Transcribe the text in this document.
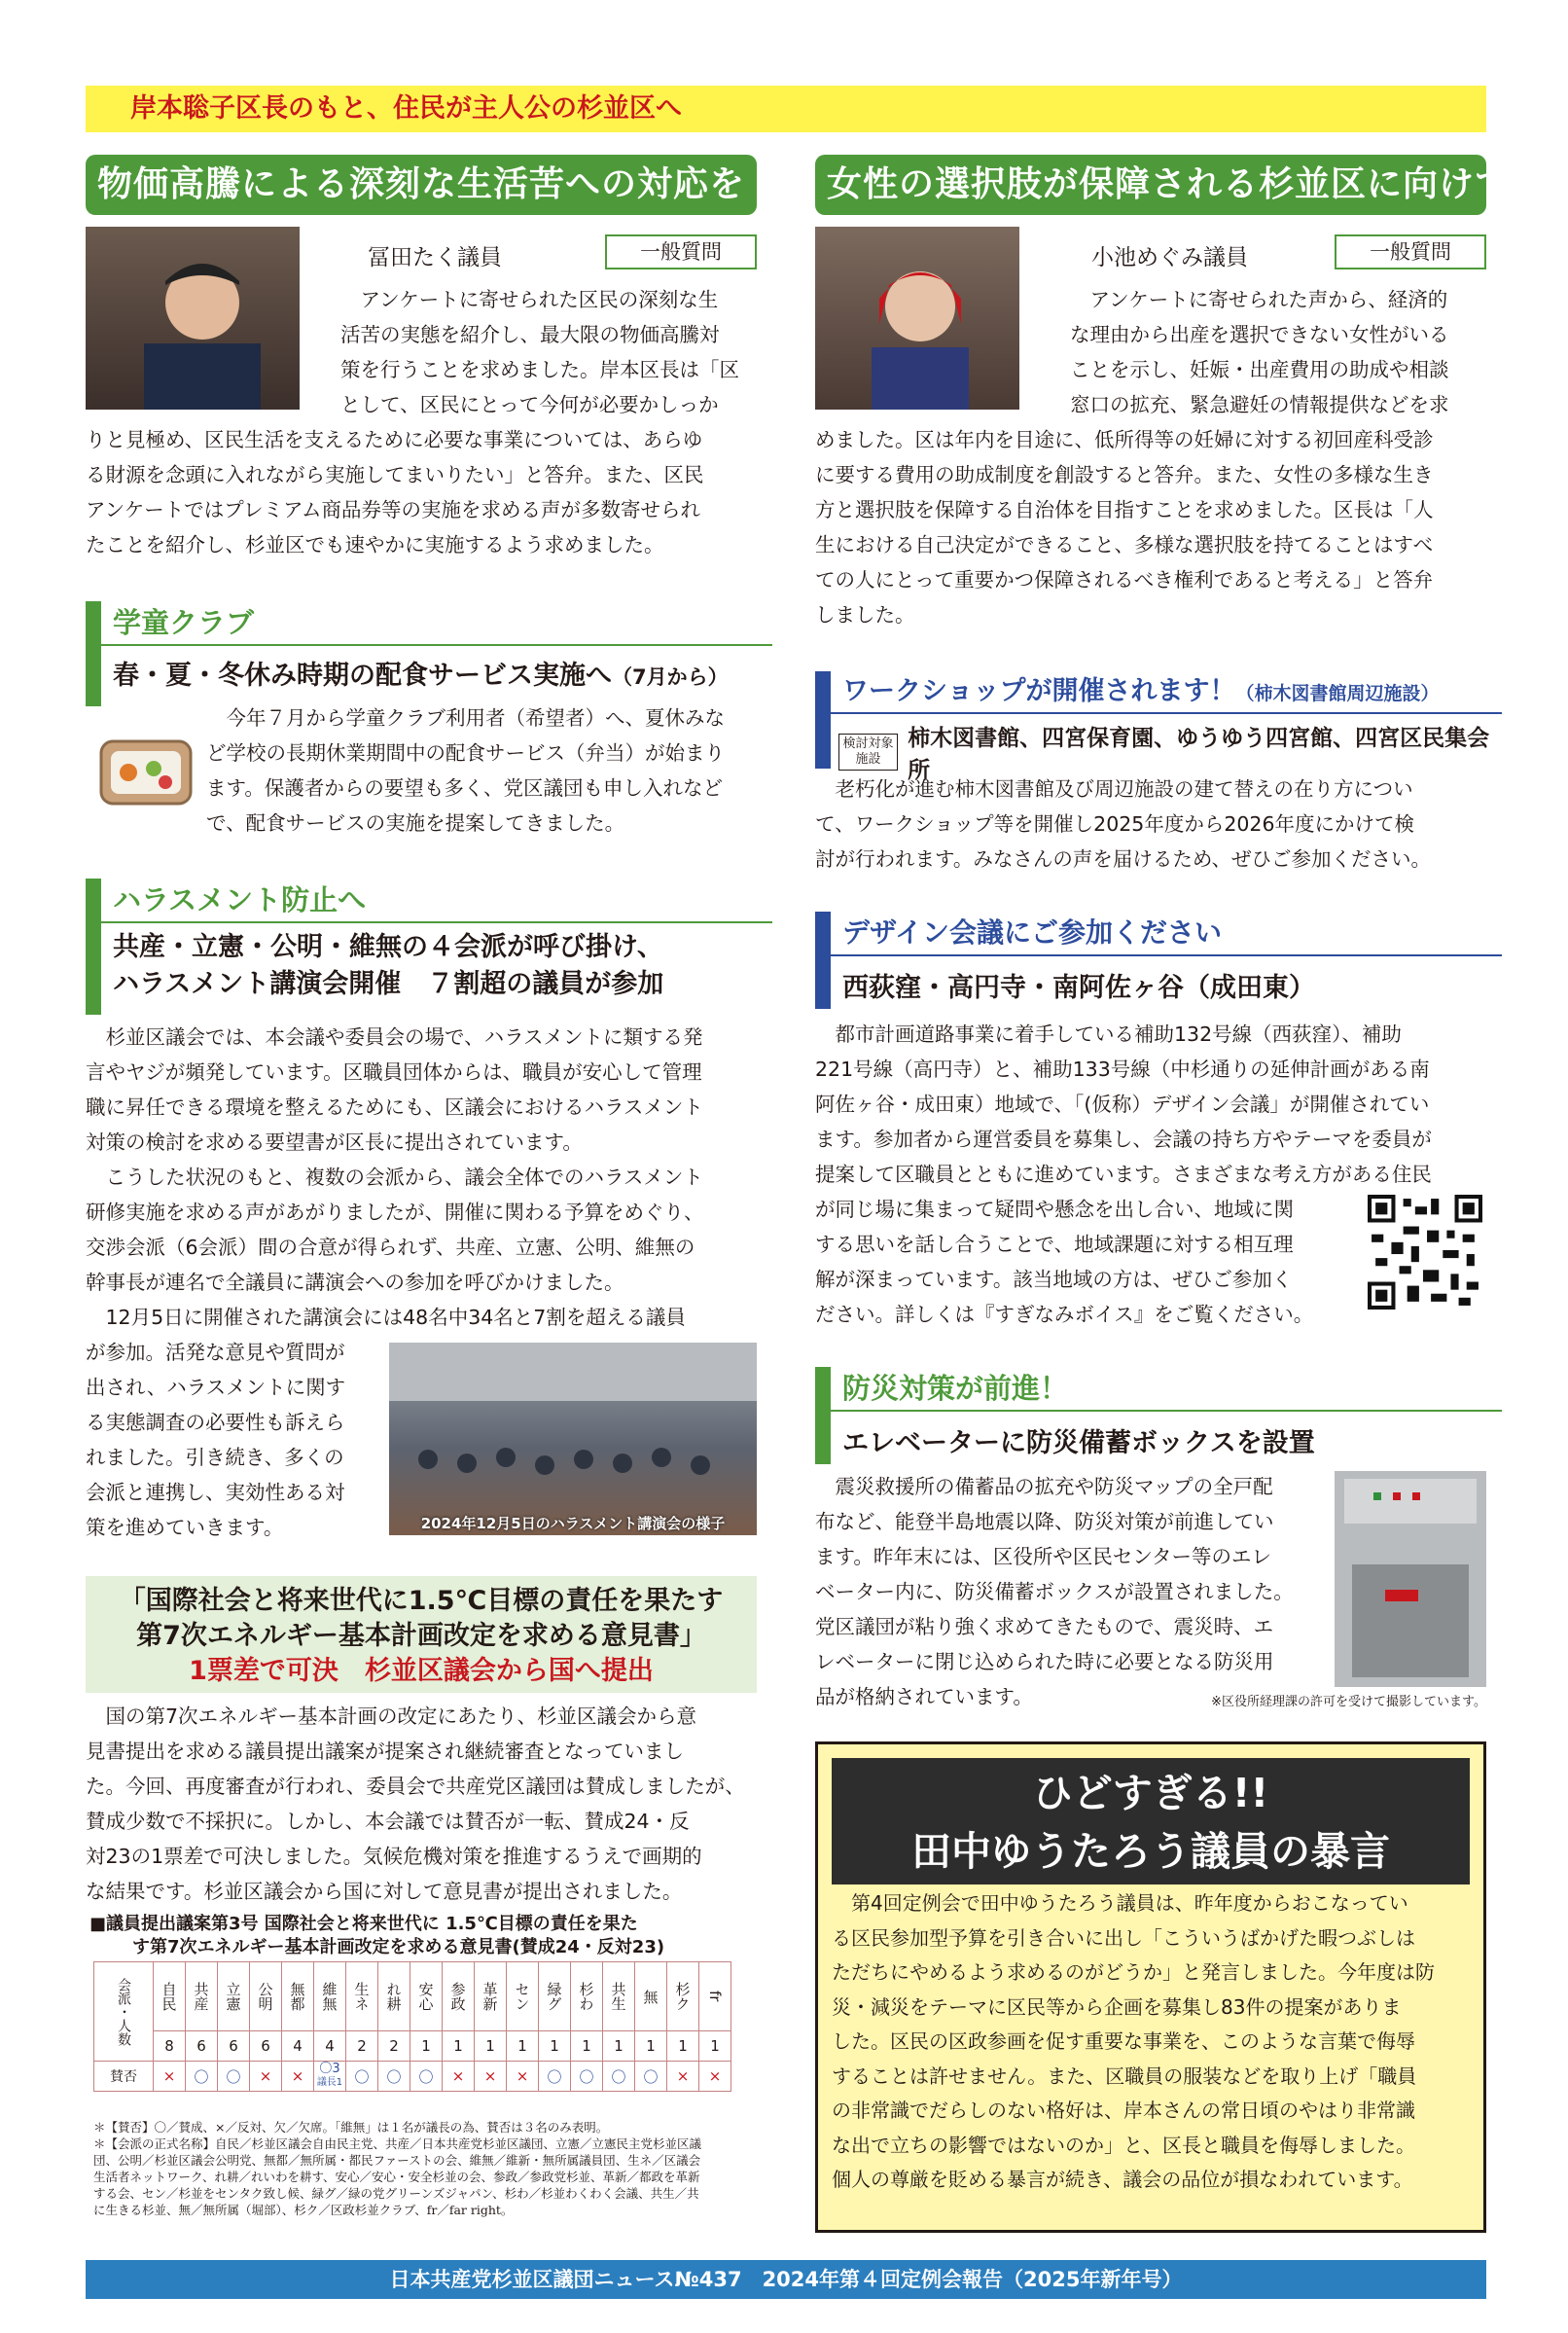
岸本聡子区長のもと、住民が主人公の杉並区へ
物価高騰による深刻な生活苦への対応を
冨田たく議員	一般質問
アンケートに寄せられた区民の深刻な生
活苦の実態を紹介し、最大限の物価高騰対
策を行うことを求めました。岸本区長は「区
として、区民にとって今何が必要かしっか
りと見極め、区民生活を支えるために必要な事業については、あらゆ
る財源を念頭に入れながら実施してまいりたい」と答弁。また、区民
アンケートではプレミアム商品券等の実施を求める声が多数寄せられ
たことを紹介し、杉並区でも速やかに実施するよう求めました。
学童クラブ
春・夏・冬休み時期の配食サービス実施へ（7月から）
今年７月から学童クラブ利用者（希望者）へ、夏休みな
ど学校の長期休業期間中の配食サービス（弁当）が始まり
ます。保護者からの要望も多く、党区議団も申し入れなど
で、配食サービスの実施を提案してきました。
ハラスメント防止へ
共産・立憲・公明・維無の４会派が呼び掛け、
ハラスメント講演会開催　７割超の議員が参加
杉並区議会では、本会議や委員会の場で、ハラスメントに類する発
言やヤジが頻発しています。区職員団体からは、職員が安心して管理
職に昇任できる環境を整えるためにも、区議会におけるハラスメント
対策の検討を求める要望書が区長に提出されています。
こうした状況のもと、複数の会派から、議会全体でのハラスメント
研修実施を求める声があがりましたが、開催に関わる予算をめぐり、
交渉会派（6会派）間の合意が得られず、共産、立憲、公明、維無の
幹事長が連名で全議員に講演会への参加を呼びかけました。
12月5日に開催された講演会には48名中34名と7割を超える議員
が参加。活発な意見や質問が
出され、ハラスメントに関す
る実態調査の必要性も訴えら
れました。引き続き、多くの
会派と連携し、実効性ある対
策を進めていきます。	2024年12月5日のハラスメント講演会の様子
「国際社会と将来世代に1.5℃目標の責任を果たす
第7次エネルギー基本計画改定を求める意見書」
1票差で可決　杉並区議会から国へ提出
国の第7次エネルギー基本計画の改定にあたり、杉並区議会から意
見書提出を求める議員提出議案が提案され継続審査となっていまし
た。今回、再度審査が行われ、委員会で共産党区議団は賛成しましたが、
賛成少数で不採択に。しかし、本会議では賛否が一転、賛成24・反
対23の1票差で可決しました。気候危機対策を推進するうえで画期的
な結果です。杉並区議会から国に対して意見書が提出されました。
■議員提出議案第3号 国際社会と将来世代に 1.5℃目標の責任を果た
す第7次エネルギー基本計画改定を求める意見書(賛成24・反対23)
会派・人数	自民	共産	立憲	公明	無都	維無	生ネ	れ耕	安心	参政	革新	セン	緑グ	杉わ	共生	無	杉ク	fr
	8	6	6	6	4	4	2	2	1	1	1	1	1	1	1	1	1	1
賛否	×	〇	〇	×	×	〇3
議長1	〇	〇	〇	×	×	×	〇	〇	〇	〇	×	×
＊【賛否】〇／賛成、×／反対、欠／欠席。「維無」は１名が議長の為、賛否は３名のみ表明。
＊【会派の正式名称】自民／杉並区議会自由民主党、共産／日本共産党杉並区議団、立憲／立憲民主党杉並区議
団、公明／杉並区議会公明党、無都／無所属・都民ファーストの会、維無／維新・無所属議員団、生ネ／区議会
生活者ネットワーク、れ耕／れいわを耕す、安心／安心・安全杉並の会、参政／参政党杉並、革新／都政を革新
する会、セン／杉並をセンタク致し候、緑グ／緑の党グリーンズジャパン、杉わ／杉並わくわく会議、共生／共
に生きる杉並、無／無所属（堀部）、杉ク／区政杉並クラブ、fr／far right。
女性の選択肢が保障される杉並区に向けて
小池めぐみ議員	一般質問
アンケートに寄せられた声から、経済的
な理由から出産を選択できない女性がいる
ことを示し、妊娠・出産費用の助成や相談
窓口の拡充、緊急避妊の情報提供などを求
めました。区は年内を目途に、低所得等の妊婦に対する初回産科受診
に要する費用の助成制度を創設すると答弁。また、女性の多様な生き
方と選択肢を保障する自治体を目指すことを求めました。区長は「人
生における自己決定ができること、多様な選択肢を持てることはすべ
ての人にとって重要かつ保障されるべき権利であると考える」と答弁
しました。
ワークショップが開催されます！（柿木図書館周辺施設）
検討対象施設
柿木図書館、四宮保育園、ゆうゆう四宮館、四宮区民集会所
老朽化が進む柿木図書館及び周辺施設の建て替えの在り方につい
て、ワークショップ等を開催し2025年度から2026年度にかけて検
討が行われます。みなさんの声を届けるため、ぜひご参加ください。
デザイン会議にご参加ください
西荻窪・高円寺・南阿佐ヶ谷（成田東）
都市計画道路事業に着手している補助132号線（西荻窪）、補助
221号線（高円寺）と、補助133号線（中杉通りの延伸計画がある南
阿佐ヶ谷・成田東）地域で、「(仮称）デザイン会議」が開催されてい
ます。参加者から運営委員を募集し、会議の持ち方やテーマを委員が
提案して区職員とともに進めています。さまざまな考え方がある住民
が同じ場に集まって疑問や懸念を出し合い、地域に関
する思いを話し合うことで、地域課題に対する相互理
解が深まっています。該当地域の方は、ぜひご参加く
ださい。詳しくは『すぎなみボイス』をご覧ください。
防災対策が前進！
エレベーターに防災備蓄ボックスを設置
震災救援所の備蓄品の拡充や防災マップの全戸配
布など、能登半島地震以降、防災対策が前進してい
ます。昨年末には、区役所や区民センター等のエレ
ベーター内に、防災備蓄ボックスが設置されました。
党区議団が粘り強く求めてきたもので、震災時、エ
レベーターに閉じ込められた時に必要となる防災用
品が格納されています。	※区役所経理課の許可を受けて撮影しています。
ひどすぎる!!
田中ゆうたろう議員の暴言
第4回定例会で田中ゆうたろう議員は、昨年度からおこなってい
る区民参加型予算を引き合いに出し「こういうばかげた暇つぶしは
ただちにやめるよう求めるのがどうか」と発言しました。今年度は防
災・減災をテーマに区民等から企画を募集し83件の提案がありま
した。区民の区政参画を促す重要な事業を、このような言葉で侮辱
することは許せません。また、区職員の服装などを取り上げ「職員
の非常識でだらしのない格好は、岸本さんの常日頃のやはり非常識
な出で立ちの影響ではないのか」と、区長と職員を侮辱しました。
個人の尊厳を貶める暴言が続き、議会の品位が損なわれています。
日本共産党杉並区議団ニュース№437　2024年第４回定例会報告（2025年新年号）
